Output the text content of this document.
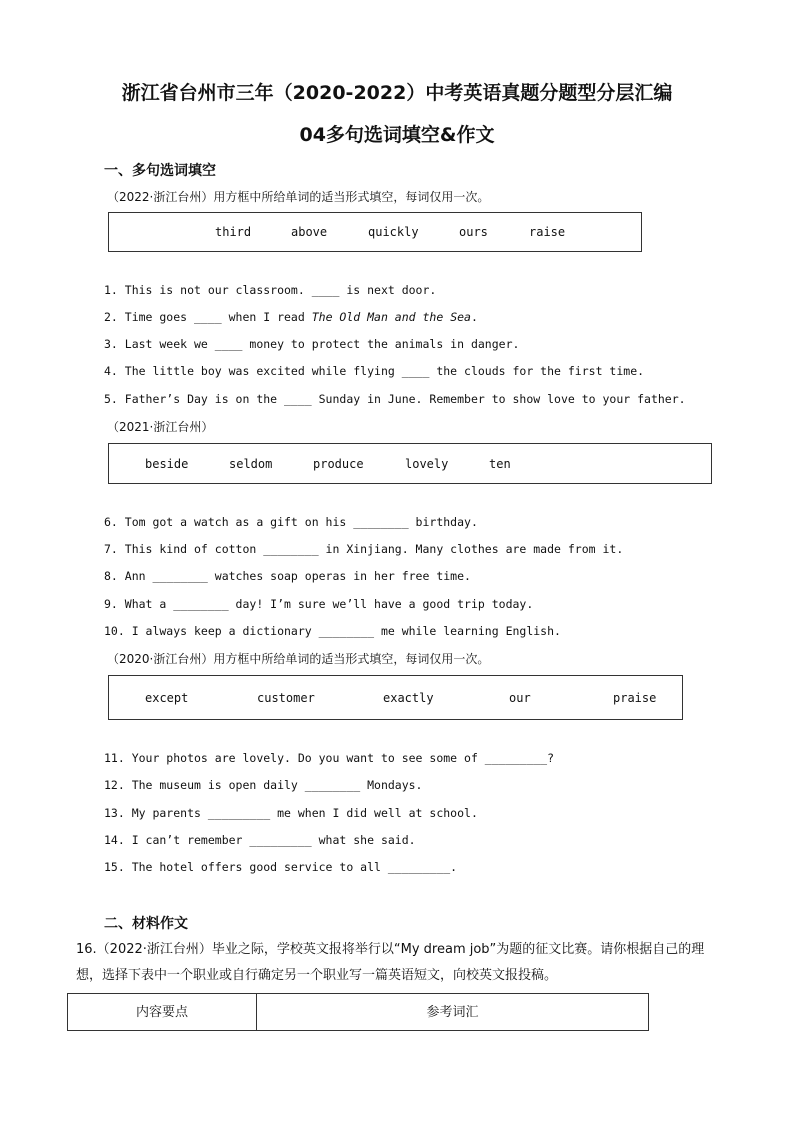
浙江省台州市三年（2020-2022）中考英语真题分题型分层汇编
04多句选词填空&作文
一、多句选词填空
（2022·浙江台州）用方框中所给单词的适当形式填空，每词仅用一次。
third	above	quickly	ours	raise
1. This is not our classroom. ____ is next door.
2. Time goes ____ when I read The Old Man and the Sea.
3. Last week we ____ money to protect the animals in danger.
4. The little boy was excited while flying ____ the clouds for the first time.
5. Father’s Day is on the ____ Sunday in June. Remember to show love to your father.
（2021·浙江台州）
beside	seldom	produce	lovely	ten
6. Tom got a watch as a gift on his ________ birthday.
7. This kind of cotton ________ in Xinjiang. Many clothes are made from it.
8. Ann ________ watches soap operas in her free time.
9. What a ________ day! I’m sure we’ll have a good trip today.
10. I always keep a dictionary ________ me while learning English.
（2020·浙江台州）用方框中所给单词的适当形式填空，每词仅用一次。
except	customer	exactly	our	praise
11. Your photos are lovely. Do you want to see some of _________?
12. The museum is open daily ________ Mondays.
13. My parents _________ me when I did well at school.
14. I can’t remember _________ what she said.
15. The hotel offers good service to all _________.
二、材料作文
16.（2022·浙江台州）毕业之际，学校英文报将举行以“My dream job”为题的征文比赛。请你根据自己的理想，选择下表中一个职业或自行确定另一个职业写一篇英语短文，向校英文报投稿。
内容要点	参考词汇
